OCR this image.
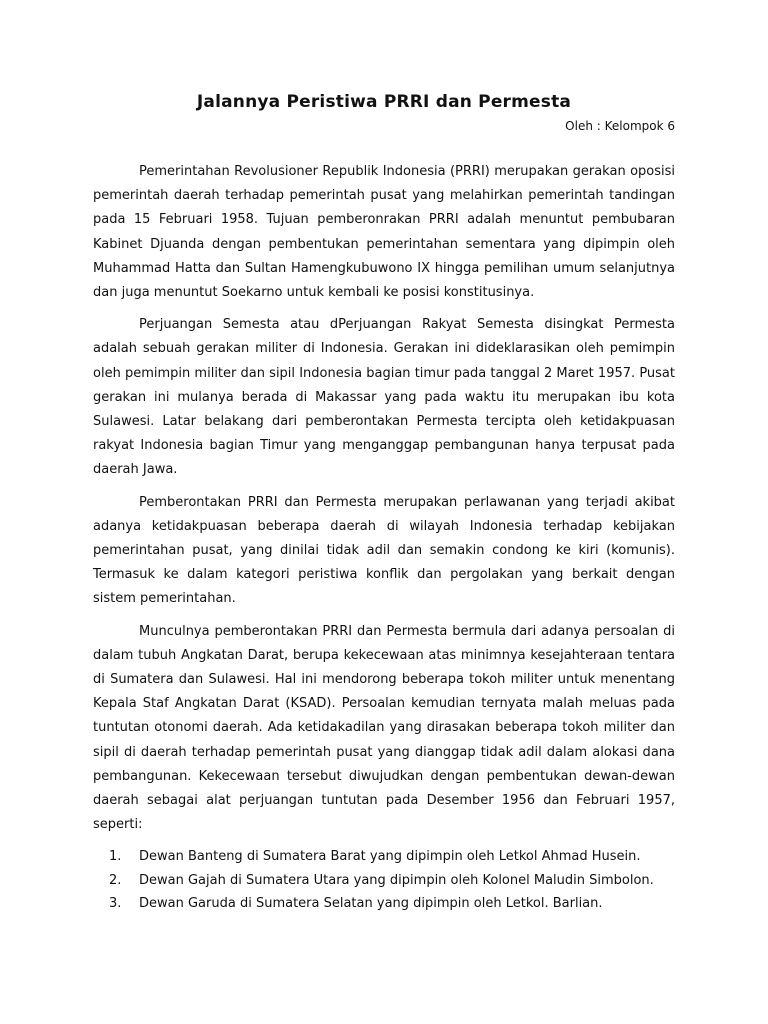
Jalannya Peristiwa PRRI dan Permesta

Oleh : Kelompok 6

Pemerintahan Revolusioner Republik Indonesia (PRRI) merupakan gerakan oposisi pemerintah daerah terhadap pemerintah pusat yang melahirkan pemerintah tandingan pada 15 Februari 1958. Tujuan pemberonrakan PRRI adalah menuntut pembubaran Kabinet Djuanda dengan pembentukan pemerintahan sementara yang dipimpin oleh Muhammad Hatta dan Sultan Hamengkubuwono IX hingga pemilihan umum selanjutnya dan juga menuntut Soekarno untuk kembali ke posisi konstitusinya.

Perjuangan Semesta atau dPerjuangan Rakyat Semesta disingkat Permesta adalah sebuah gerakan militer di Indonesia. Gerakan ini dideklarasikan oleh pemimpin oleh pemimpin militer dan sipil Indonesia bagian timur pada tanggal 2 Maret 1957. Pusat gerakan ini mulanya berada di Makassar yang pada waktu itu merupakan ibu kota Sulawesi. Latar belakang dari pemberontakan Permesta tercipta oleh ketidakpuasan rakyat Indonesia bagian Timur yang menganggap pembangunan hanya terpusat pada daerah Jawa.

Pemberontakan PRRI dan Permesta merupakan perlawanan yang terjadi akibat adanya ketidakpuasan beberapa daerah di wilayah Indonesia terhadap kebijakan pemerintahan pusat, yang dinilai tidak adil dan semakin condong ke kiri (komunis). Termasuk ke dalam kategori peristiwa konflik dan pergolakan yang berkait dengan sistem pemerintahan.

Munculnya pemberontakan PRRI dan Permesta bermula dari adanya persoalan di dalam tubuh Angkatan Darat, berupa kekecewaan atas minimnya kesejahteraan tentara di Sumatera dan Sulawesi. Hal ini mendorong beberapa tokoh militer untuk menentang Kepala Staf Angkatan Darat (KSAD). Persoalan kemudian ternyata malah meluas pada tuntutan otonomi daerah. Ada ketidakadilan yang dirasakan beberapa tokoh militer dan sipil di daerah terhadap pemerintah pusat yang dianggap tidak adil dalam alokasi dana pembangunan. Kekecewaan tersebut diwujudkan dengan pembentukan dewan-dewan daerah sebagai alat perjuangan tuntutan pada Desember 1956 dan Februari 1957, seperti:

1.	Dewan Banteng di Sumatera Barat yang dipimpin oleh Letkol Ahmad Husein.
2.	Dewan Gajah di Sumatera Utara yang dipimpin oleh Kolonel Maludin Simbolon.
3.	Dewan Garuda di Sumatera Selatan yang dipimpin oleh Letkol. Barlian.
